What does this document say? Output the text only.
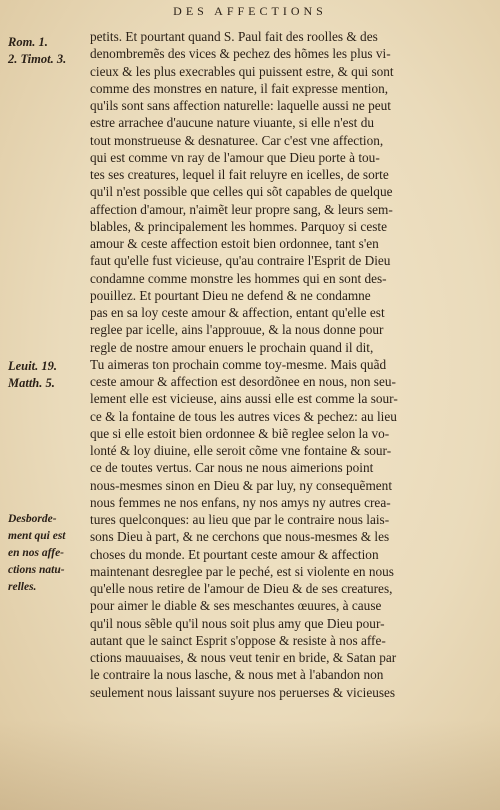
DES AFFECTIONS
Rom. 1.
2. Timot. 3.
Leuit. 19.
Matth. 5.
Desborde-
ment qui est
en nos affe-
ctions natu-
relles.
petits. Et pourtant quand S. Paul fait des roolles & des
denombremẽs des vices & pechez des hõmes les plus vi-
cieux & les plus execrables qui puissent estre, & qui sont
comme des monstres en nature, il fait expresse mention,
qu'ils sont sans affection naturelle: laquelle aussi ne peut
estre arrachee d'aucune nature viuante, si elle n'est du
tout monstrueuse & desnaturee. Car c'est vne affection,
qui est comme vn ray de l'amour que Dieu porte à tou-
tes ses creatures, lequel il fait reluyre en icelles, de sorte
qu'il n'est possible que celles qui sõt capables de quelque
affection d'amour, n'aimẽt leur propre sang, & leurs sem-
blables, & principalement les hommes. Parquoy si ceste
amour & ceste affection estoit bien ordonnee, tant s'en
faut qu'elle fust vicieuse, qu'au contraire l'Esprit de Dieu
condamne comme monstre les hommes qui en sont des-
pouillez. Et pourtant Dieu ne defend & ne condamne
pas en sa loy ceste amour & affection, entant qu'elle est
reglee par icelle, ains l'approuue, & la nous donne pour
regle de nostre amour enuers le prochain quand il dit,
Tu aimeras ton prochain comme toy-mesme. Mais quãd
ceste amour & affection est desordõnee en nous, non seu-
lement elle est vicieuse, ains aussi elle est comme la sour-
ce & la fontaine de tous les autres vices & pechez: au lieu
que si elle estoit bien ordonnee & biẽ reglee selon la vo-
lonté & loy diuine, elle seroit cõme vne fontaine & sour-
ce de toutes vertus. Car nous ne nous aimerions point
nous-mesmes sinon en Dieu & par luy, ny consequẽment
nous femmes ne nos enfans, ny nos amys ny autres crea-
tures quelconques: au lieu que par le contraire nous lais-
sons Dieu à part, & ne cerchons que nous-mesmes & les
choses du monde. Et pourtant ceste amour & affection
maintenant desreglee par le peché, est si violente en nous
qu'elle nous retire de l'amour de Dieu & de ses creatures,
pour aimer le diable & ses meschantes œuures, à cause
qu'il nous sẽble qu'il nous soit plus amy que Dieu pour-
autant que le sainct Esprit s'oppose & resiste à nos affe-
ctions mauuaises, & nous veut tenir en bride, & Satan par
le contraire la nous lasche, & nous met à l'abandon non
seulement nous laissant suyure nos peruerses & vicieuses
